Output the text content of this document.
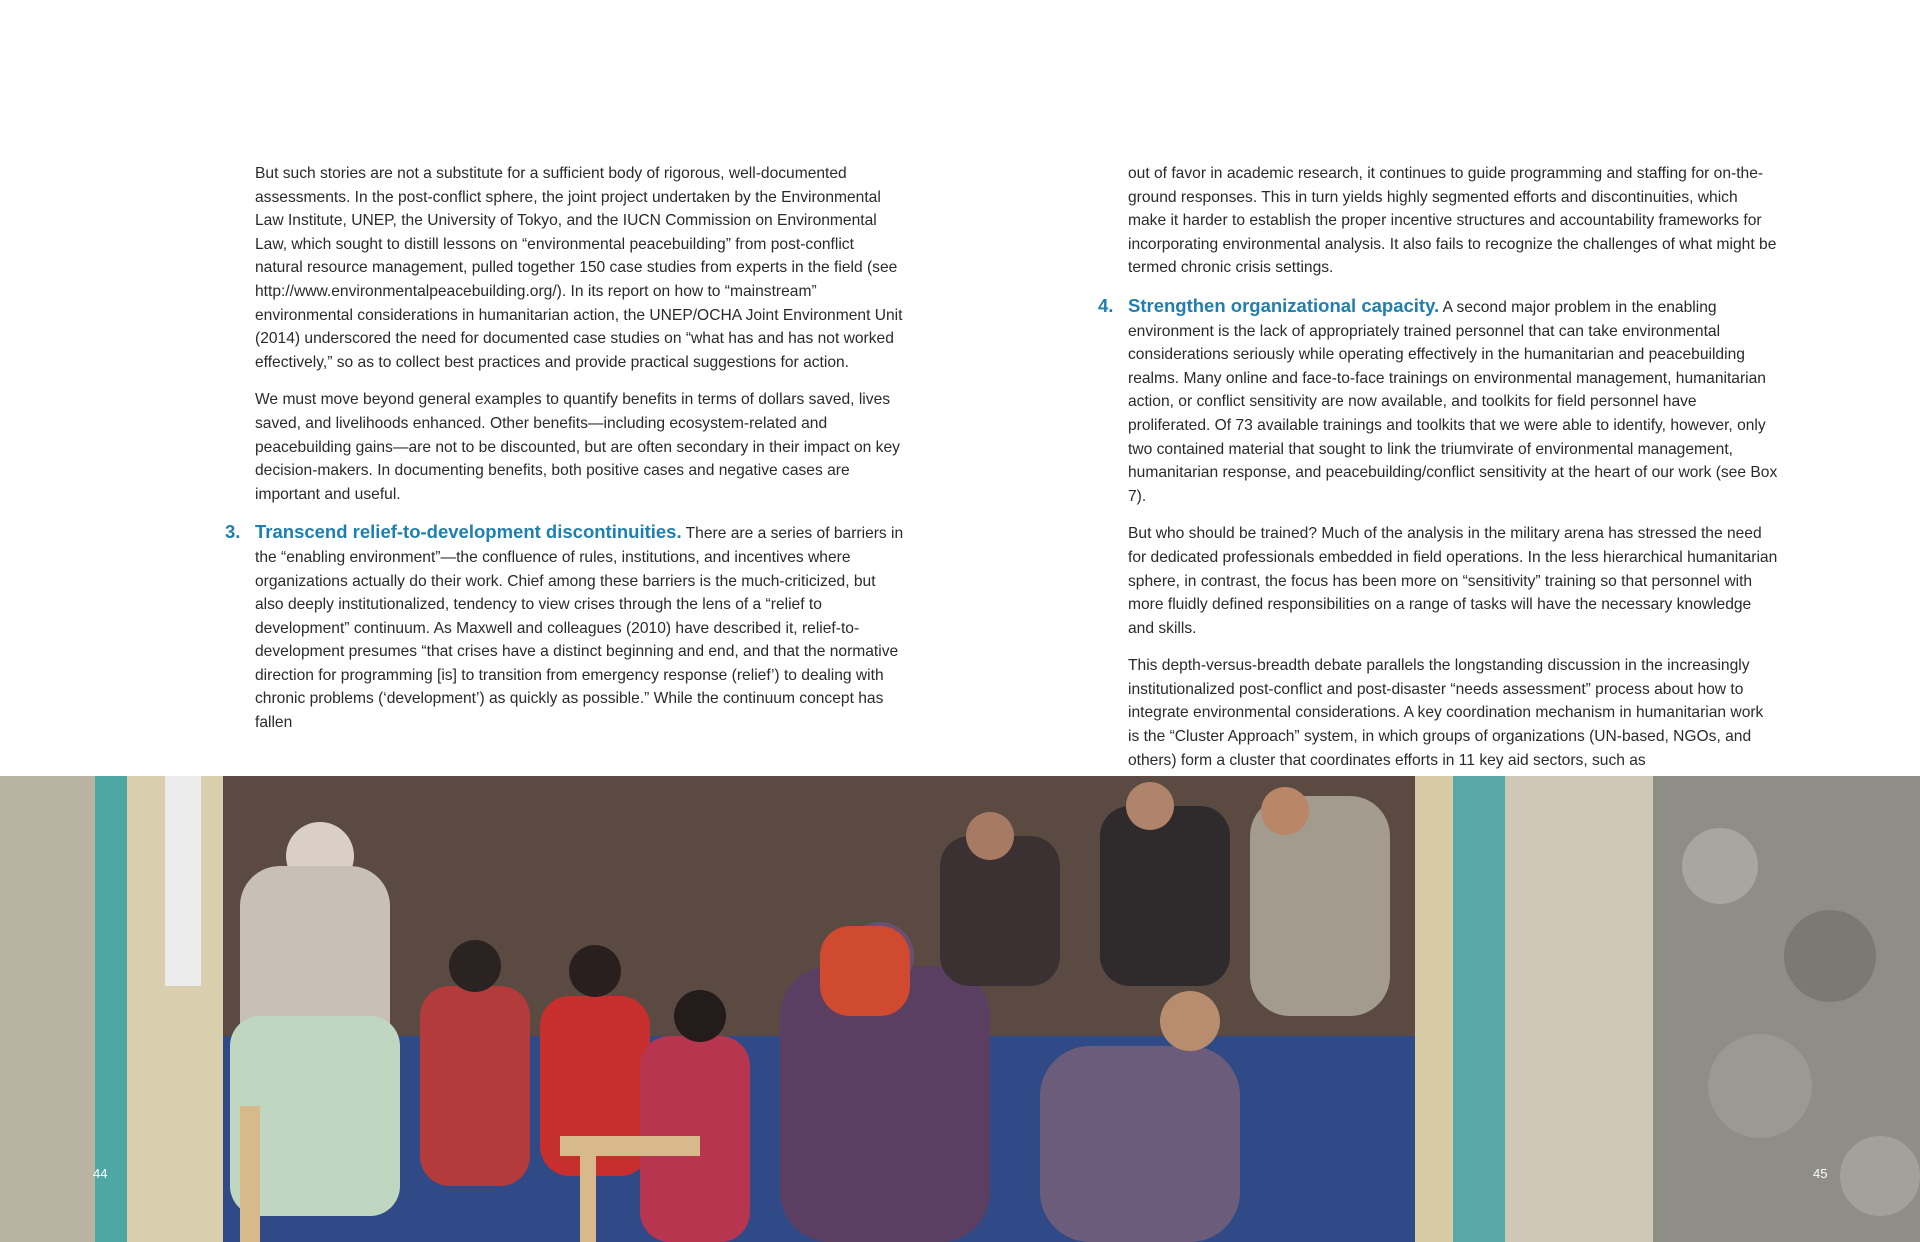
But such stories are not a substitute for a sufficient body of rigorous, well-documented assessments. In the post-conflict sphere, the joint project undertaken by the Environmental Law Institute, UNEP, the University of Tokyo, and the IUCN Commission on Environmental Law, which sought to distill lessons on “environmental peacebuilding” from post-conflict natural resource management, pulled together 150 case studies from experts in the field (see http://www.environmentalpeacebuilding.org/). In its report on how to “mainstream” environmental considerations in humanitarian action, the UNEP/OCHA Joint Environment Unit (2014) underscored the need for documented case studies on “what has and has not worked effectively,” so as to collect best practices and provide practical suggestions for action.

We must move beyond general examples to quantify benefits in terms of dollars saved, lives saved, and livelihoods enhanced. Other benefits—including ecosystem-related and peacebuilding gains—are not to be discounted, but are often secondary in their impact on key decision-makers. In documenting benefits, both positive cases and negative cases are important and useful.

3. Transcend relief-to-development discontinuities. There are a series of barriers in the “enabling environment”—the confluence of rules, institutions, and incentives where organizations actually do their work. Chief among these barriers is the much-criticized, but also deeply institutionalized, tendency to view crises through the lens of a “relief to development” continuum. As Maxwell and colleagues (2010) have described it, relief-to-development presumes “that crises have a distinct beginning and end, and that the normative direction for programming [is] to transition from emergency response (relief’) to dealing with chronic problems (‘development’) as quickly as possible.” While the continuum concept has fallen

out of favor in academic research, it continues to guide programming and staffing for on-the-ground responses. This in turn yields highly segmented efforts and discontinuities, which make it harder to establish the proper incentive structures and accountability frameworks for incorporating environmental analysis. It also fails to recognize the challenges of what might be termed chronic crisis settings.

4. Strengthen organizational capacity. A second major problem in the enabling environment is the lack of appropriately trained personnel that can take environmental considerations seriously while operating effectively in the humanitarian and peacebuilding realms. Many online and face-to-face trainings on environmental management, humanitarian action, or conflict sensitivity are now available, and toolkits for field personnel have proliferated. Of 73 available trainings and toolkits that we were able to identify, however, only two contained material that sought to link the triumvirate of environmental management, humanitarian response, and peacebuilding/conflict sensitivity at the heart of our work (see Box 7).

But who should be trained? Much of the analysis in the military arena has stressed the need for dedicated professionals embedded in field operations. In the less hierarchical humanitarian sphere, in contrast, the focus has been more on “sensitivity” training so that personnel with more fluidly defined responsibilities on a range of tasks will have the necessary knowledge and skills.

This depth-versus-breadth debate parallels the longstanding discussion in the increasingly institutionalized post-conflict and post-disaster “needs assessment” process about how to integrate environmental considerations. A key coordination mechanism in humanitarian work is the “Cluster Approach” system, in which groups of organizations (UN-based, NGOs, and others) form a cluster that coordinates efforts in 11 key aid sectors, such as

44	45
